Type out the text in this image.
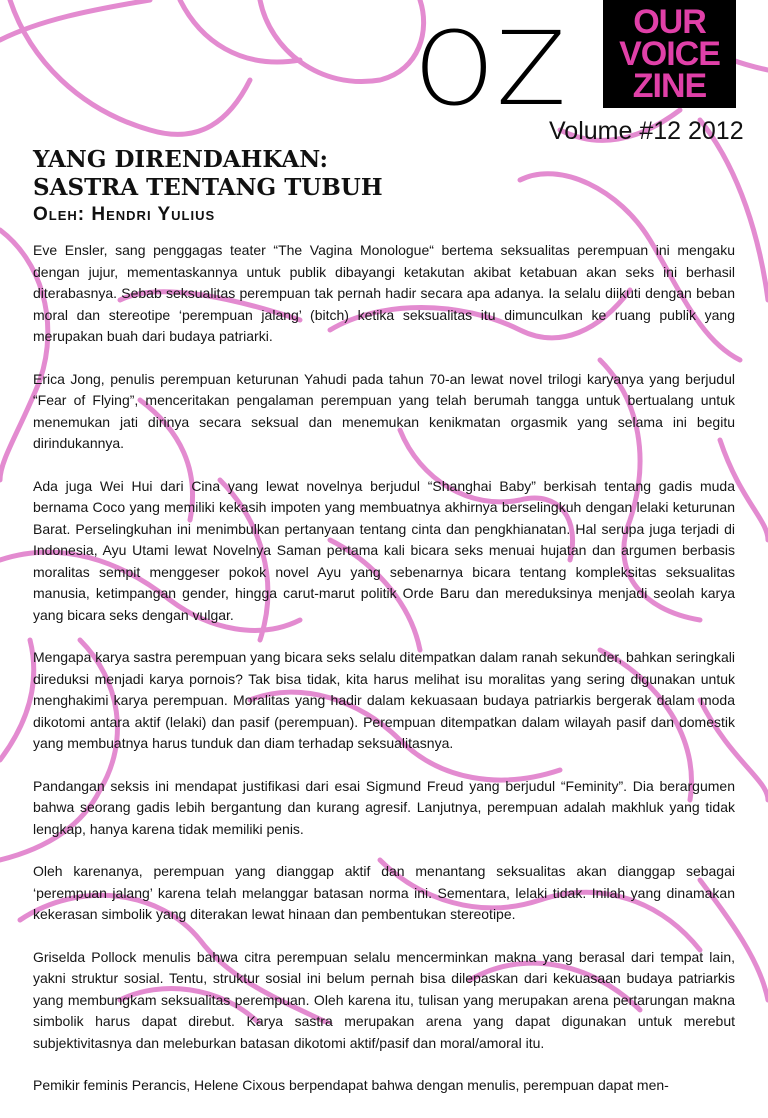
OZ OUR
VOICE
ZINE
Volume #12 2012
YANG DIRENDAHKAN:
SASTRA TENTANG TUBUH
Oleh: Hendri Yulius

Eve Ensler, sang penggagas teater “The Vagina Monologue“ bertema seksualitas perempuan ini mengaku dengan jujur, mementaskannya untuk publik dibayangi ketakutan akibat ketabuan akan seks ini berhasil diterabasnya. Sebab seksualitas perempuan tak pernah hadir secara apa adanya. Ia selalu diikuti dengan beban moral dan stereotipe ‘perempuan jalang’ (bitch) ketika seksualitas itu dimunculkan ke ruang publik yang merupakan buah dari budaya patriarki.

Erica Jong, penulis perempuan keturunan Yahudi pada tahun 70-an lewat novel trilogi karyanya yang berjudul “Fear of Flying”, menceritakan pengalaman perempuan yang telah berumah tangga untuk bertualang untuk menemukan jati dirinya secara seksual dan menemukan kenikmatan orgasmik yang selama ini begitu dirindukannya.

Ada juga Wei Hui dari Cina yang lewat novelnya berjudul “Shanghai Baby” berkisah tentang gadis muda bernama Coco yang memiliki kekasih impoten yang membuatnya akhirnya berselingkuh dengan lelaki keturunan Barat. Perselingkuhan ini menimbulkan pertanyaan tentang cinta dan pengkhianatan. Hal serupa juga terjadi di Indonesia, Ayu Utami lewat Novelnya Saman pertama kali bicara seks menuai hujatan dan argumen berbasis moralitas sempit menggeser pokok novel Ayu yang sebenarnya bicara tentang kompleksitas seksualitas manusia, ketimpangan gender, hingga carut-marut politik Orde Baru dan mereduksinya menjadi seolah karya yang bicara seks dengan vulgar.

Mengapa karya sastra perempuan yang bicara seks selalu ditempatkan dalam ranah sekunder, bahkan seringkali direduksi menjadi karya pornois? Tak bisa tidak, kita harus melihat isu moralitas yang sering digunakan untuk menghakimi karya perempuan. Moralitas yang hadir dalam kekuasaan budaya patriarkis bergerak dalam moda dikotomi antara aktif (lelaki) dan pasif (perempuan). Perempuan ditempatkan dalam wilayah pasif dan domestik yang membuatnya harus tunduk dan diam terhadap seksualitasnya.

Pandangan seksis ini mendapat justifikasi dari esai Sigmund Freud yang berjudul “Feminity”. Dia berargumen bahwa seorang gadis lebih bergantung dan kurang agresif. Lanjutnya, perempuan adalah makhluk yang tidak lengkap, hanya karena tidak memiliki penis.

Oleh karenanya, perempuan yang dianggap aktif dan menantang seksualitas akan dianggap sebagai ‘perempuan jalang’ karena telah melanggar batasan norma ini. Sementara, lelaki tidak. Inilah yang dinamakan kekerasan simbolik yang diterakan lewat hinaan dan pembentukan stereotipe.

Griselda Pollock menulis bahwa citra perempuan selalu mencerminkan makna yang berasal dari tempat lain, yakni struktur sosial. Tentu, struktur sosial ini belum pernah bisa dilepaskan dari kekuasaan budaya patriarkis yang membungkam seksualitas perempuan. Oleh karena itu, tulisan yang merupakan arena pertarungan makna simbolik harus dapat direbut. Karya sastra merupakan arena yang dapat digunakan untuk merebut subjektivitasnya dan meleburkan batasan dikotomi aktif/pasif dan moral/amoral itu.

Pemikir feminis Perancis, Helene Cixous berpendapat bahwa dengan menulis, perempuan dapat men-
